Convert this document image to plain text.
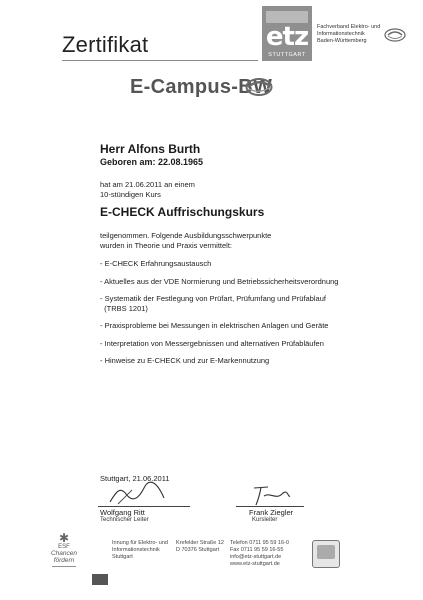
Zertifikat	etz
STUTTGART
Fachverband Elektro- und
Informationstechnik
Baden-Württemberg
E-Campus-BW
Herr Alfons Burth
Geboren am: 22.08.1965
hat am 21.06.2011 an einem
10-stündigen Kurs
E-CHECK Auffrischungskurs
teilgenommen. Folgende Ausbildungsschwerpunkte
wurden in Theorie und Praxis vermittelt:
- E-CHECK Erfahrungsaustausch
- Aktuelles aus der VDE Normierung und Betriebssicherheitsverordnung
- Systematik der Festlegung von Prüfart, Prüfumfang und Prüfablauf
(TRBS 1201)
- Praxisprobleme bei Messungen in elektrischen Anlagen und Geräte
- Interpretation von Messergebnissen und alternativen Prüfabläufen
- Hinweise zu E-CHECK und zur E-Markennutzung
Stuttgart, 21.06.2011
Wolfgang Ritt
Technischer Leiter
Frank Ziegler
Kursleiter
✱
ESF
Chancen fördern
▬▬▬▬▬▬▬▬
Innung für Elektro- und
Informationstechnik
Stuttgart
Krefelder Straße 12
D 70376 Stuttgart
Telefon 0711 95 59 16-0
Fax 0711 95 59 16-55
info@etz-stuttgart.de
www.etz-stuttgart.de
